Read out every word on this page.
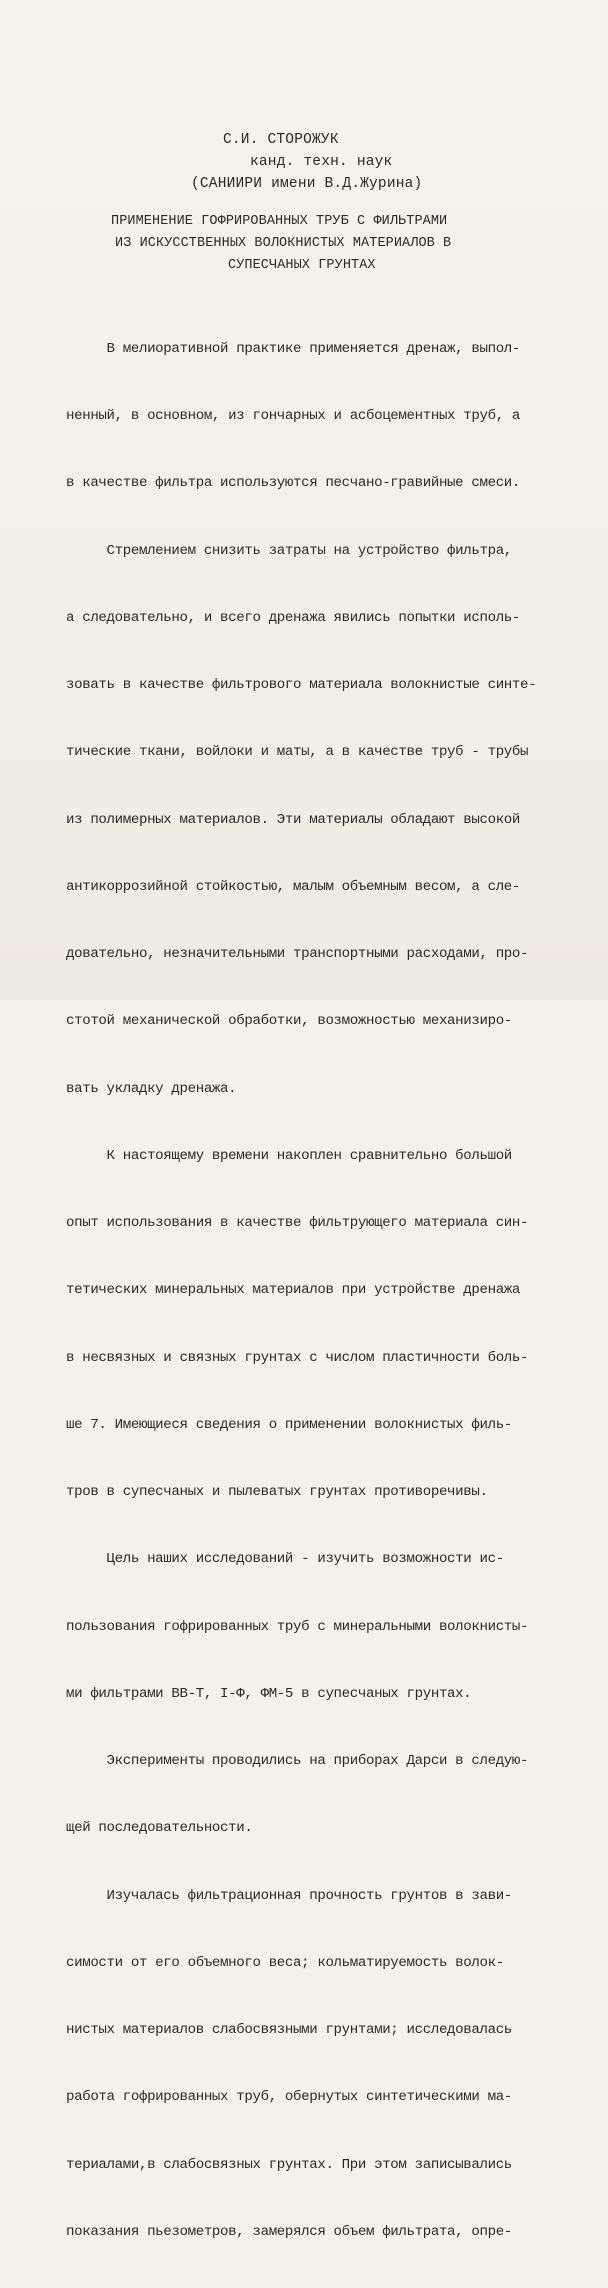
С.И. СТОРОЖУК
канд. техн. наук
(САНИИРИ имени В.Д.Журина)
ПРИМЕНЕНИЕ ГОФРИРОВАННЫХ ТРУБ С ФИЛЬТРАМИ
ИЗ ИСКУССТВЕННЫХ ВОЛОКНИСТЫХ МАТЕРИАЛОВ В
СУПЕСЧАНЫХ ГРУНТАХ

В мелиоративной практике применяется дренаж, выпол-

ненный, в основном, из гончарных и асбоцементных труб, а

в качестве фильтра используются песчано-гравийные смеси.

Стремлением снизить затраты на устройство фильтра,

а следовательно, и всего дренажа явились попытки исполь-

зовать в качестве фильтрового материала волокнистые синте-

тические ткани, войлоки и маты, а в качестве труб - трубы

из полимерных материалов. Эти материалы обладают высокой

антикоррозийной стойкостью, малым объемным весом, а сле-

довательно, незначительными транспортными расходами, про-

стотой механической обработки, возможностью механизиро-

вать укладку дренажа.

К настоящему времени накоплен сравнительно большой

опыт использования в качестве фильтрующего материала син-

тетических минеральных материалов при устройстве дренажа

в несвязных и связных грунтах с числом пластичности боль-

ше 7. Имеющиеся сведения о применении волокнистых филь-

тров в супесчаных и пылеватых грунтах противоречивы.

Цель наших исследований - изучить возможности ис-

пользования гофрированных труб с минеральными волокнисты-

ми фильтрами ВВ-Т, I-Ф, ФМ-5 в супесчаных грунтах.

Эксперименты проводились на приборах Дарси в следую-

щей последовательности.

Изучалась фильтрационная прочность грунтов в зави-

симости от его объемного веса; кольматируемость волок-

нистых материалов слабосвязными грунтами; исследовалась

работа гофрированных труб, обернутых синтетическими ма-

териалами,в слабосвязных грунтах. При этом записывались

показания пьезометров, замерялся объем фильтрата, опре-
